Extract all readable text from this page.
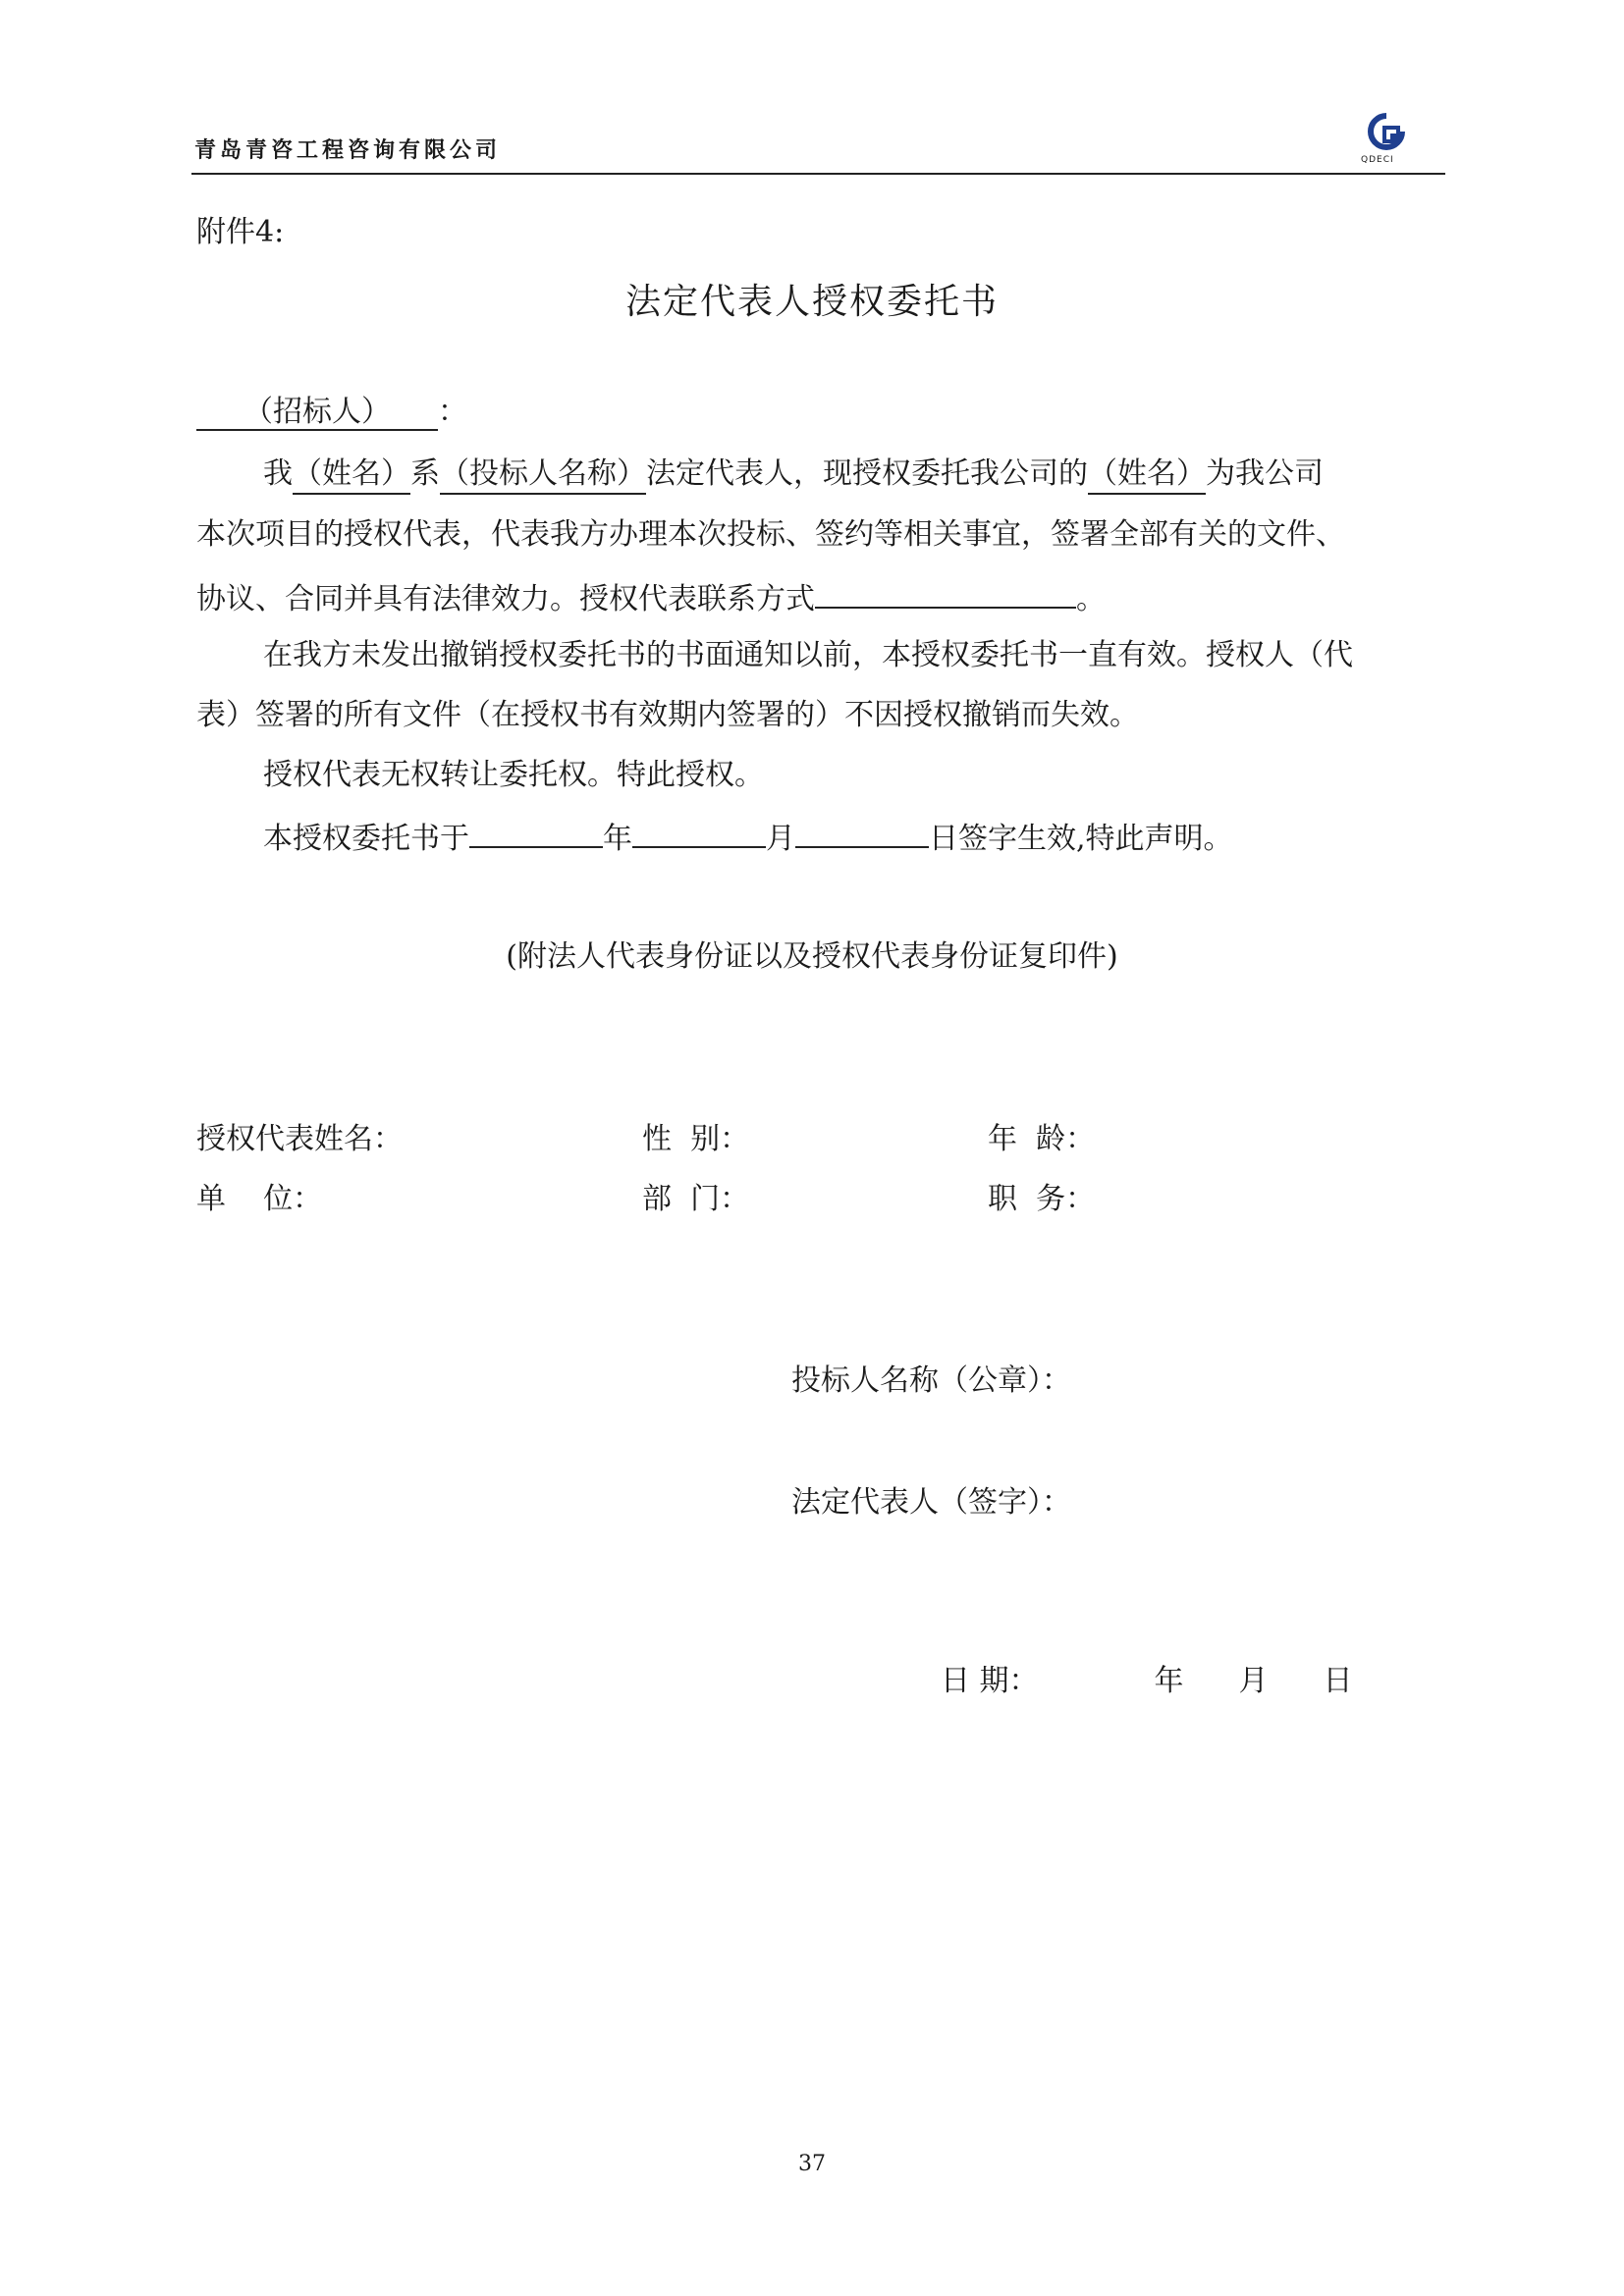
青岛青咨工程咨询有限公司	QDECI
附件4:
法定代表人授权委托书
（招标人） ：
我（姓名）系（投标人名称）法定代表人，现授权委托我公司的（姓名）为我公司
本次项目的授权代表，代表我方办理本次投标、签约等相关事宜，签署全部有关的文件、
协议、合同并具有法律效力。授权代表联系方式	。
在我方未发出撤销授权委托书的书面通知以前，本授权委托书一直有效。授权人（代
表）签署的所有文件（在授权书有效期内签署的）不因授权撤销而失效。
授权代表无权转让委托权。特此授权。
本授权委托书于	年	月	日签字生效,特此声明。
(附法人代表身份证以及授权代表身份证复印件)
授权代表姓名：	性  别：	年  龄：
单    位：	部  门：	职  务：
投标人名称（公章）：
法定代表人（签字）：
日 期：	年 月 日
37
